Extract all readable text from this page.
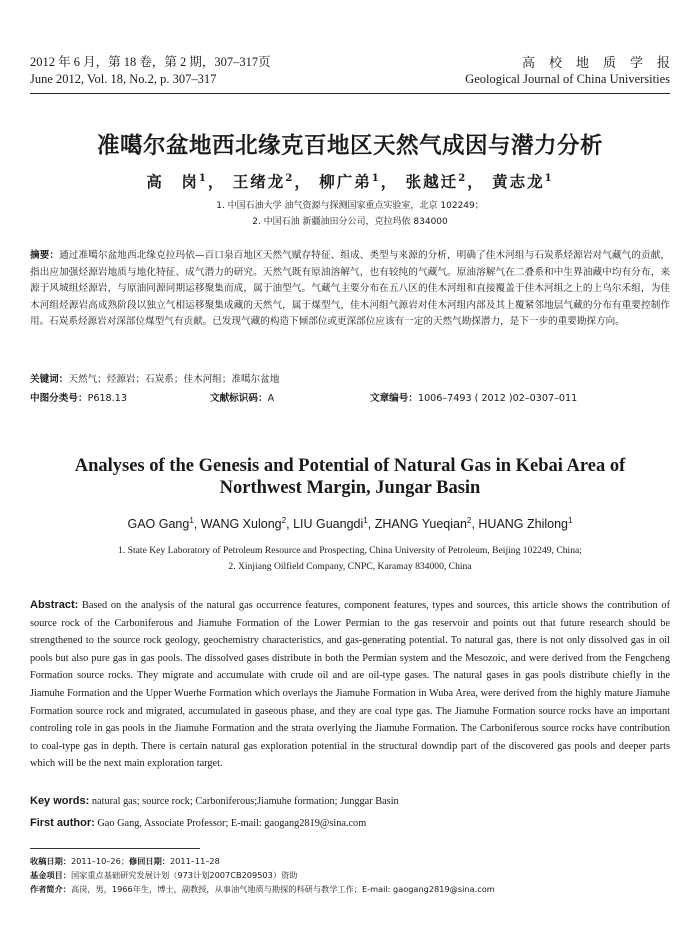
2012 年 6 月，第 18 卷，第 2 期，307–317页
June 2012, Vol. 18, No.2, p. 307–317
高校地质学报
Geological Journal of China Universities
准噶尔盆地西北缘克百地区天然气成因与潜力分析
高　岗$^1$， 王绪龙$^2$， 柳广弟$^1$， 张越迁$^2$， 黄志龙$^1$
1. 中国石油大学 油气资源与探测国家重点实验室，北京 102249；
2. 中国石油 新疆油田分公司，克拉玛依 834000
摘要：通过准噶尔盆地西北缘克拉玛依—百口泉百地区天然气赋存特征、组成、类型与来源的分析，明确了佳木河组与石炭系烃源岩对气藏气的贡献，指出应加强烃源岩地质与地化特征、成气潜力的研究。天然气既有原油溶解气，也有较纯的气藏气。原油溶解气在二叠系和中生界油藏中均有分布，来源于风城组烃源岩，与原油同源同期运移聚集而成，属于油型气。气藏气主要分布在五八区的佳木河组和直接覆盖于佳木河组之上的上乌尔禾组，为佳木河组烃源岩高成熟阶段以独立气相运移聚集成藏的天然气，属于煤型气，佳木河组气源岩对佳木河组内部及其上覆紧邻地层气藏的分布有重要控制作用。石炭系烃源岩对深部位煤型气有贡献。已发现气藏的构造下倾部位或更深部位应该有一定的天然气勘探潜力，是下一步的重要勘探方向。
关键词：天然气；烃源岩；石炭系；佳木河组；准噶尔盆地
中图分类号：P618.13	文献标识码：A	文章编号：1006–7493 ( 2012 )02–0307–011
Analyses of the Genesis and Potential of Natural Gas in Kebai Area of
Northwest Margin, Jungar Basin
GAO Gang$^1$, WANG Xulong$^2$, LIU Guangdi$^1$, ZHANG Yueqian$^2$, HUANG Zhilong$^1$
1. State Key Laboratory of Petroleum Resource and Prospecting, China University of Petroleum, Beijing 102249, China;
2. Xinjiang Oilfield Company, CNPC, Karamay 834000, China
Abstract: Based on the analysis of the natural gas occurrence features, component features, types and sources, this article shows the contribution of source rock of the Carboniferous and Jiamuhe Formation of the Lower Permian to the gas reservoir and points out that future research should be strengthened to the source rock geology, geochemistry characteristics, and gas-generating potential. To natural gas, there is not only dissolved gas in oil pools but also pure gas in gas pools. The dissolved gases distribute in both the Permian system and the Mesozoic, and were derived from the Fengcheng Formation source rocks. They migrate and accumulate with crude oil and are oil-type gases. The natural gases in gas pools distribute chiefly in the Jiamuhe Formation and the Upper Wuerhe Formation which overlays the Jiamuhe Formation in Wuba Area, were derived from the highly mature Jiamuhe Formation source rock and migrated, accumulated in gaseous phase, and they are coal type gas. The Jiamuhe Formation source rocks have an important controling role in gas pools in the Jiamuhe Formation and the strata overlying the Jiamuhe Formation. The Carboniferous source rocks have contribution to coal-type gas in depth. There is certain natural gas exploration potential in the structural downdip part of the discovered gas pools and deeper parts which will be the next main exploration target.
Key words: natural gas; source rock; Carboniferous;Jiamuhe formation; Junggar Basin
First author: Gao Gang, Associate Professor; E-mail: gaogang2819@sina.com
收稿日期：2011–10–26；修回日期：2011–11–28
基金项目：国家重点基础研究发展计划（973计划2007CB209503）资助
作者简介：高岗，男，1966年生，博士，副教授，从事油气地质与勘探的科研与教学工作；E-mail: gaogang2819@sina.com
